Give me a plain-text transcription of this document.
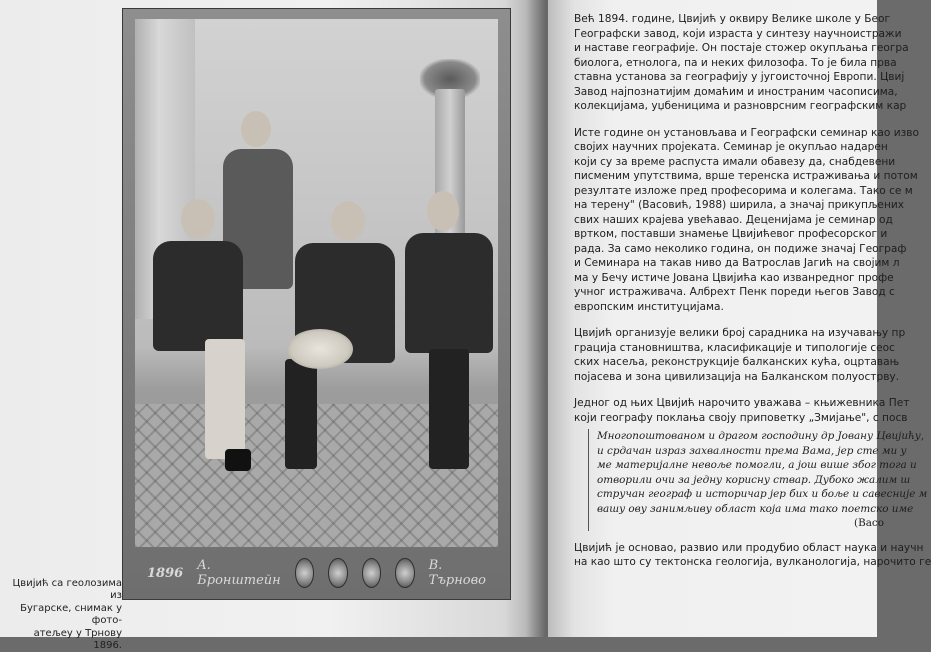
1896 A. Бронштейн
В. Търново
Цвијић са геолозима из
Бугарске, снимак у фото-
атељеу у Трнову 1896.
Већ 1894. године, Цвијић у оквиру Велике школе у Беог
Географски завод, који израста у синтезу научноистражи
и наставе географије. Он постаје стожер окупљања геогра
биолога, етнолога, па и неких филозофа. То је била прва
ставна установа за географију у југоисточној Европи. Цвиј
Завод најпознатијим домаћим и иностраним часописима,
колекцијама, уџбеницима и разноврсним географским кар
Исте године он установљава и Географски семинар као изво
својих научних пројеката. Семинар је окупљао надарен
који су за време распуста имали обавезу да, снабдевени
писменим упутствима, врше теренска истраживања и потом
резултате изложе пред професорима и колегама. Тако се м
на терену" (Васовић, 1988) ширила, а значај прикупљених
свих наших крајева увећавао. Деценијама је семинар од
вртком, поставши знамење Цвијићевог професорског и
рада. За само неколико година, он подиже значај Географ
и Семинара на такав ниво да Ватрослав Јагић на својим л
ма у Бечу истиче Јована Цвијића као изванредног профе
учног истраживача. Албрехт Пенк пореди његов Завод с
европским институцијама.
Цвијић организује велики број сарадника на изучавању пр
грација становништва, класификације и типологије сеос
ских насеља, реконструкције балканских кућа, оцртавањ
појасева и зона цивилизација на Балканском полуострву.
Једног од њих Цвијић нарочито уважава – књижевника Пет
који географу поклања своју приповетку „Змијање", с посв
Многопоштованом и драгом господину др Јовану Цвијићу,
и срдачан израз захвалности према Вама, јер сте ми у
ме материјалне невоље помогли, а још више због тога и
отворили очи за једну корисну ствар. Дубоко жалим ш
стручан географ и историчар јер бих и боље и савесније м
вашу ову занимљиву област која има тако поетско име
(Васо
Цвијић је основао, развио или продубио област наука и научн
на као што су тектонска геологија, вулканологија, нарочито ге
